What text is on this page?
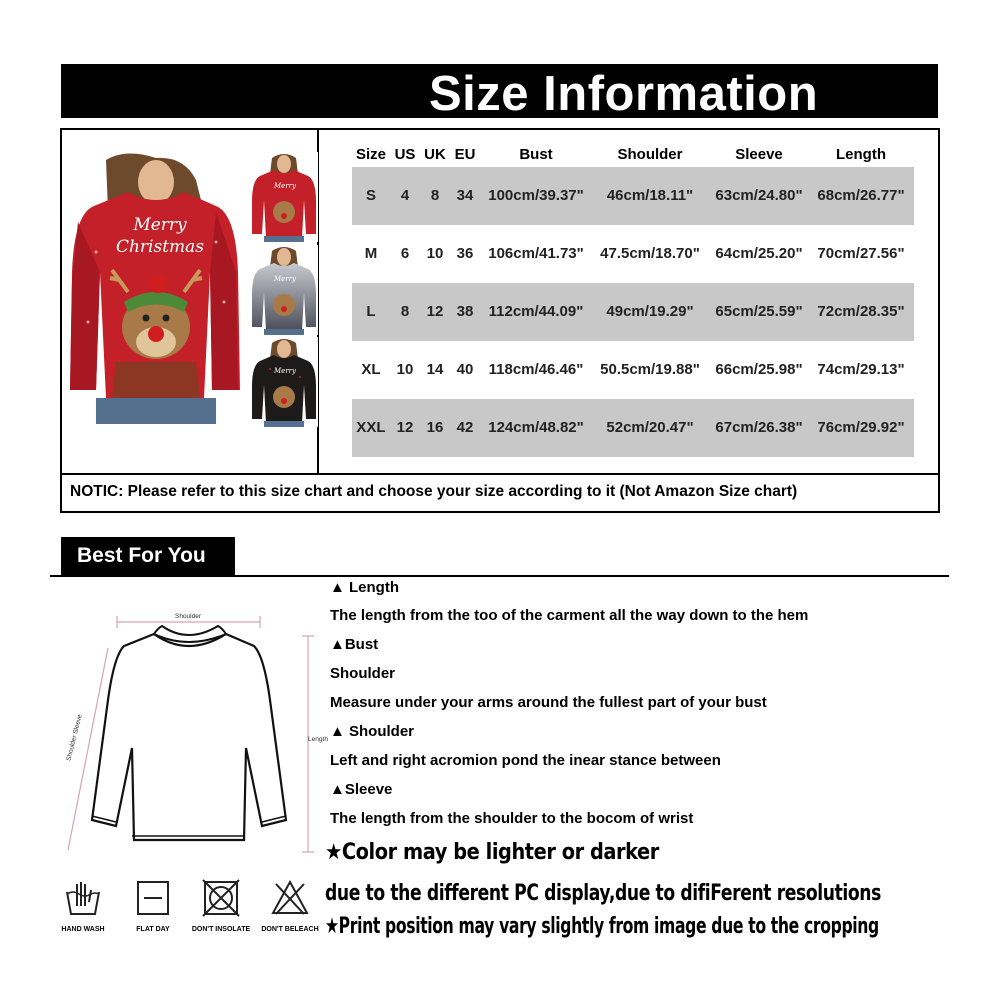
Size Information
Merry
Christmas
Merry
Merry
Merry
Size US UK EU	Bust	Shoulder	Sleeve	Length
S	4	8	34 100cm/39.37"	46cm/18.11"	63cm/24.80" 68cm/26.77"
M	6	10 36 106cm/41.73"	47.5cm/18.70"	64cm/25.20" 70cm/27.56"
L	8	12 38	112cm/44.09"	49cm/19.29"	65cm/25.59" 72cm/28.35"
XL	10 14 40	118cm/46.46"	50.5cm/19.88"	66cm/25.98" 74cm/29.13"
XXL 12 16 42 124cm/48.82"	52cm/20.47"	67cm/26.38" 76cm/29.92"
NOTIC: Please refer to this size chart and choose your size according to it (Not Amazon Size chart)
Best For You
Shoulder
Shoulder Sleeve	Length
HAND WASH	FLAT DAY	DON'T INSOLATE	DON'T BELEACH
▲ Length
The length from the too of the carment all the way down to the hem
▲Bust
Shoulder
Measure under your arms around the fullest part of your bust
▲ Shoulder
Left and right acromion pond the inear stance between
▲Sleeve
The length from the shoulder to the bocom of wrist
★Color may be lighter or darker
due to the different PC display,due to difiFerent resolutions
★Print position may vary slightly from image due to the cropping
